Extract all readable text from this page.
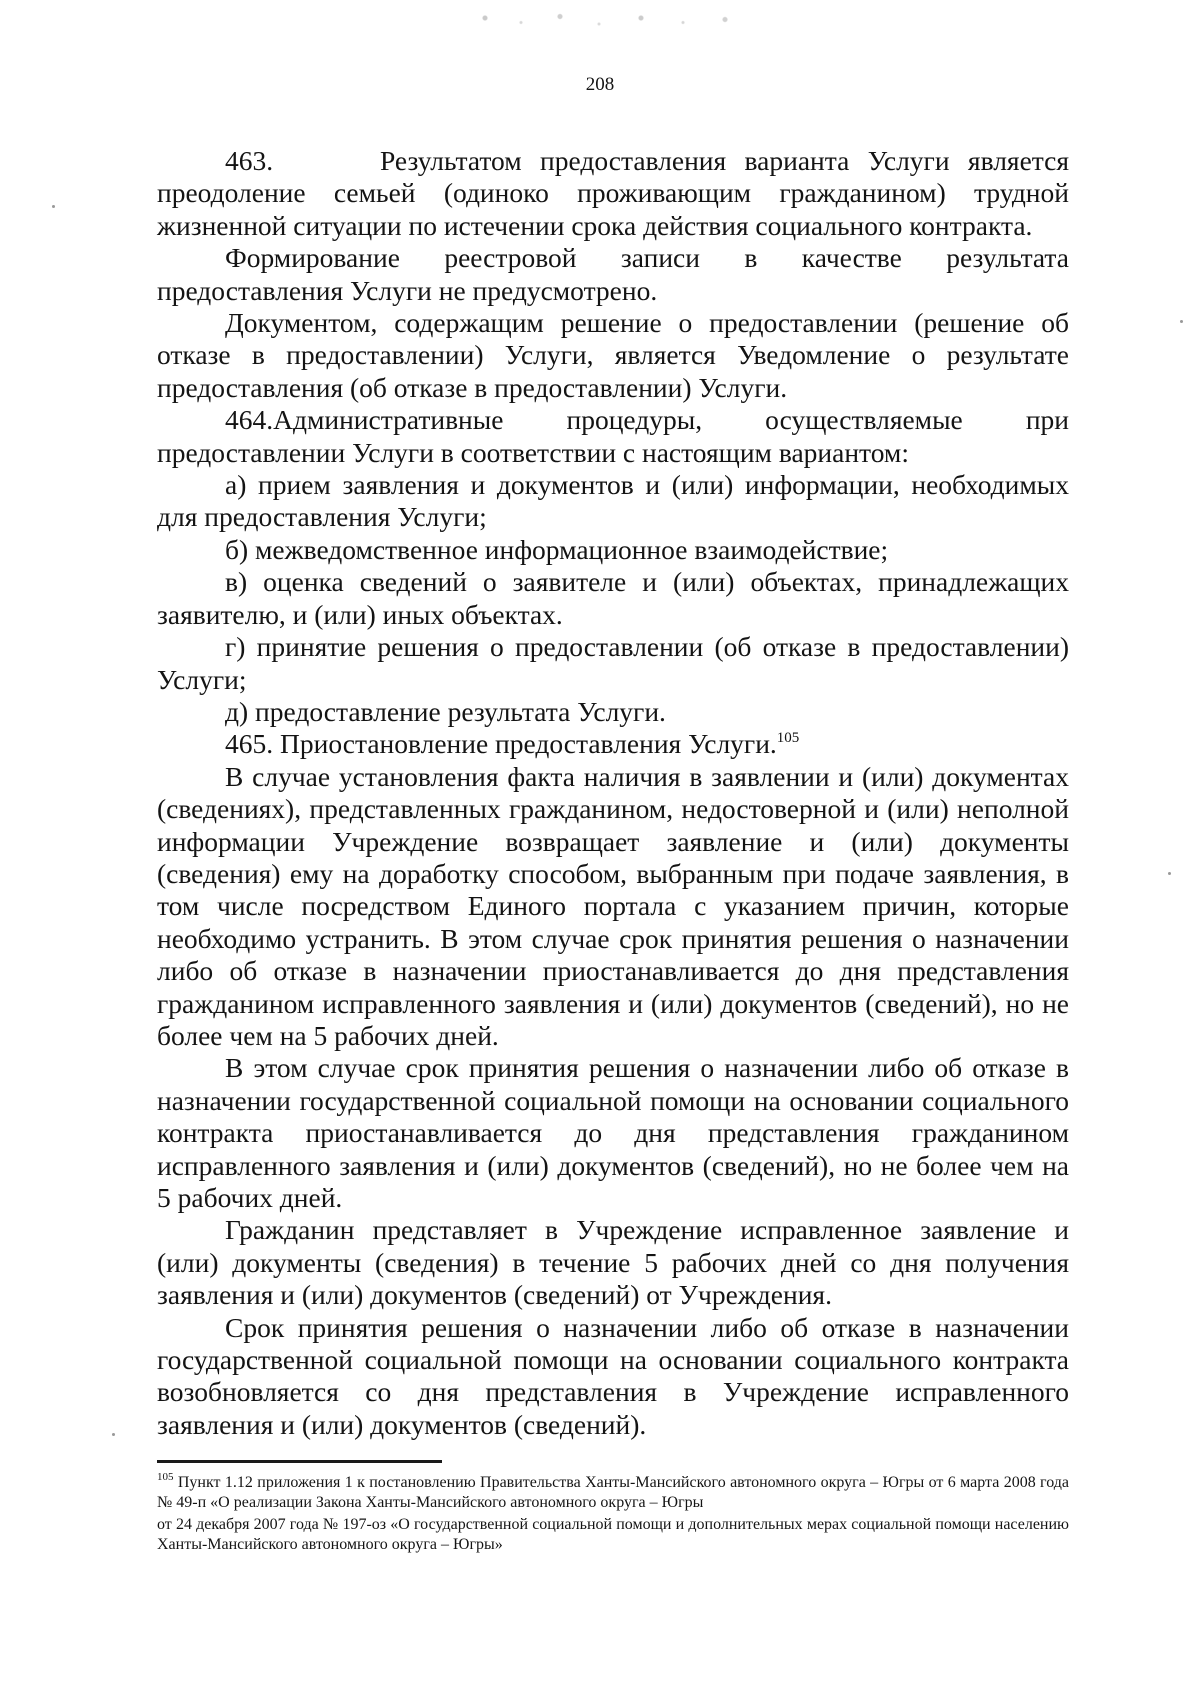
208

463.	Результатом предоставления варианта Услуги является преодоление семьей (одиноко проживающим гражданином) трудной жизненной ситуации по истечении срока действия социального контракта.

Формирование реестровой записи в качестве результата предоставления Услуги не предусмотрено.

Документом, содержащим решение о предоставлении (решение об отказе в предоставлении) Услуги, является Уведомление о результате предоставления (об отказе в предоставлении) Услуги.

464.Административные процедуры, осуществляемые при предоставлении Услуги в соответствии с настоящим вариантом:

а) прием заявления и документов и (или) информации, необходимых для предоставления Услуги;

б) межведомственное информационное взаимодействие;

в) оценка сведений о заявителе и (или) объектах, принадлежащих заявителю, и (или) иных объектах.

г) принятие решения о предоставлении (об отказе в предоставлении) Услуги;

д) предоставление результата Услуги.

465. Приостановление предоставления Услуги.$^{105}$

В случае установления факта наличия в заявлении и (или) документах (сведениях), представленных гражданином, недостоверной и (или) неполной информации Учреждение возвращает заявление и (или) документы (сведения) ему на доработку способом, выбранным при подаче заявления, в том числе посредством Единого портала с указанием причин, которые необходимо устранить. В этом случае срок принятия решения о назначении либо об отказе в назначении приостанавливается до дня представления гражданином исправленного заявления и (или) документов (сведений), но не более чем на 5 рабочих дней.

В этом случае срок принятия решения о назначении либо об отказе в назначении государственной социальной помощи на основании социального контракта приостанавливается до дня представления гражданином исправленного заявления и (или) документов (сведений), но не более чем на 5 рабочих дней.

Гражданин представляет в Учреждение исправленное заявление и (или) документы (сведения) в течение 5 рабочих дней со дня получения заявления и (или) документов (сведений) от Учреждения.

Срок принятия решения о назначении либо об отказе в назначении государственной социальной помощи на основании социального контракта возобновляется со дня представления в Учреждение исправленного заявления и (или) документов (сведений).

$^{105}$ Пункт 1.12 приложения 1 к постановлению Правительства Ханты-Мансийского автономного округа – Югры от 6 марта 2008 года № 49-п «О реализации Закона Ханты-Мансийского автономного округа – Югры

от 24 декабря 2007 года № 197-оз «О государственной социальной помощи и дополнительных мерах социальной помощи населению Ханты-Мансийского автономного округа – Югры»
